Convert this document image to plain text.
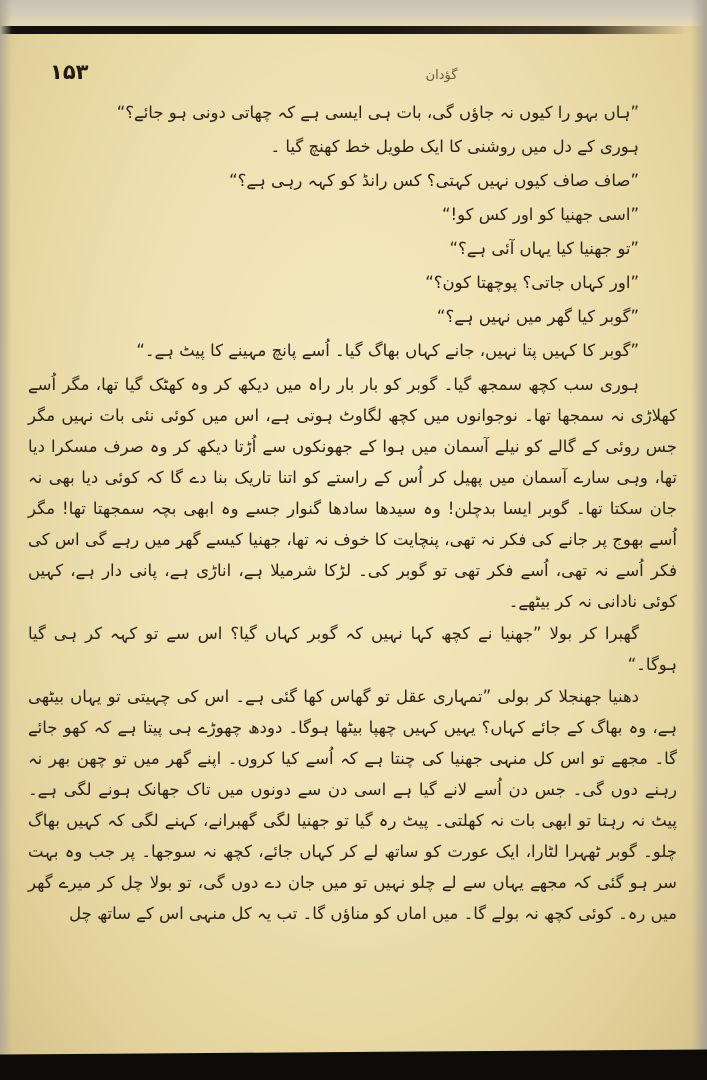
۱۵۳	گؤدان

”ہاں بہو را کیوں نہ جاؤں گی، بات ہی ایسی ہے کہ چھاتی دونی ہو جائے؟“

ہوری کے دل میں روشنی کا ایک طویل خط کھنچ گیا ۔

”صاف صاف کیوں نہیں کہتی؟ کس رانڈ کو کہہ رہی ہے؟“

”اسی جھنیا کو اور کس کو!“

”تو جھنیا کیا یہاں آئی ہے؟“

”اور کہاں جاتی؟ پوچھتا کون؟“

”گوبر کیا گھر میں نہیں ہے؟“

”گوبر کا کہیں پتا نہیں، جانے کہاں بھاگ گیا۔ اُسے پانچ مہینے کا پیٹ ہے۔“

ہوری سب کچھ سمجھ گیا۔ گوبر کو بار بار راہ میں دیکھ کر وہ کھٹک گیا تھا، مگر اُسے کھلاڑی نہ سمجھا تھا۔ نوجوانوں میں کچھ لگاوٹ ہوتی ہے، اس میں کوئی نئی بات نہیں مگر جس روئی کے گالے کو نیلے آسمان میں ہوا کے جھونکوں سے اُڑتا دیکھ کر وہ صرف مسکرا دیا تھا، وہی سارے آسمان میں پھیل کر اُس کے راستے کو اتنا تاریک بنا دے گا کہ کوئی دیا بھی نہ جان سکتا تھا۔ گوبر ایسا بدچلن! وہ سیدھا سادھا گنوار جسے وہ ابھی بچہ سمجھتا تھا! مگر اُسے بھوج پر جانے کی فکر نہ تھی، پنچایت کا خوف نہ تھا، جھنیا کیسے گھر میں رہے گی اس کی فکر اُسے نہ تھی، اُسے فکر تھی تو گوبر کی۔ لڑکا شرمیلا ہے، اناڑی ہے، پانی دار ہے، کہیں کوئی نادانی نہ کر بیٹھے۔

گھبرا کر بولا ”جھنیا نے کچھ کہا نہیں کہ گوبر کہاں گیا؟ اس سے تو کہہ کر ہی گیا ہوگا۔“

دھنیا جھنجلا کر بولی ”تمہاری عقل تو گھاس کھا گئی ہے۔ اس کی چہیتی تو یہاں بیٹھی ہے، وہ بھاگ کے جائے کہاں؟ یہیں کہیں چھپا بیٹھا ہوگا۔ دودھ چھوڑے ہی پیتا ہے کہ کھو جائے گا۔ مجھے تو اس کل منہی جھنیا کی چنتا ہے کہ اُسے کیا کروں۔ اپنے گھر میں تو چھن بھر نہ رہنے دوں گی۔ جس دن اُسے لانے گیا ہے اسی دن سے دونوں میں تاک جھانک ہونے لگی ہے۔ پیٹ نہ رہتا تو ابھی بات نہ کھلتی۔ پیٹ رہ گیا تو جھنیا لگی گھبرانے، کہنے لگی کہ کہیں بھاگ چلو۔ گوبر ٹھہرا لٹارا، ایک عورت کو ساتھ لے کر کہاں جائے، کچھ نہ سوجھا۔ پر جب وہ بہت سر ہو گئی کہ مجھے یہاں سے لے چلو نہیں تو میں جان دے دوں گی، تو بولا چل کر میرے گھر میں رہ۔ کوئی کچھ نہ بولے گا۔ میں اماں کو مناؤں گا۔ تب یہ کل منہی اس کے ساتھ چل
